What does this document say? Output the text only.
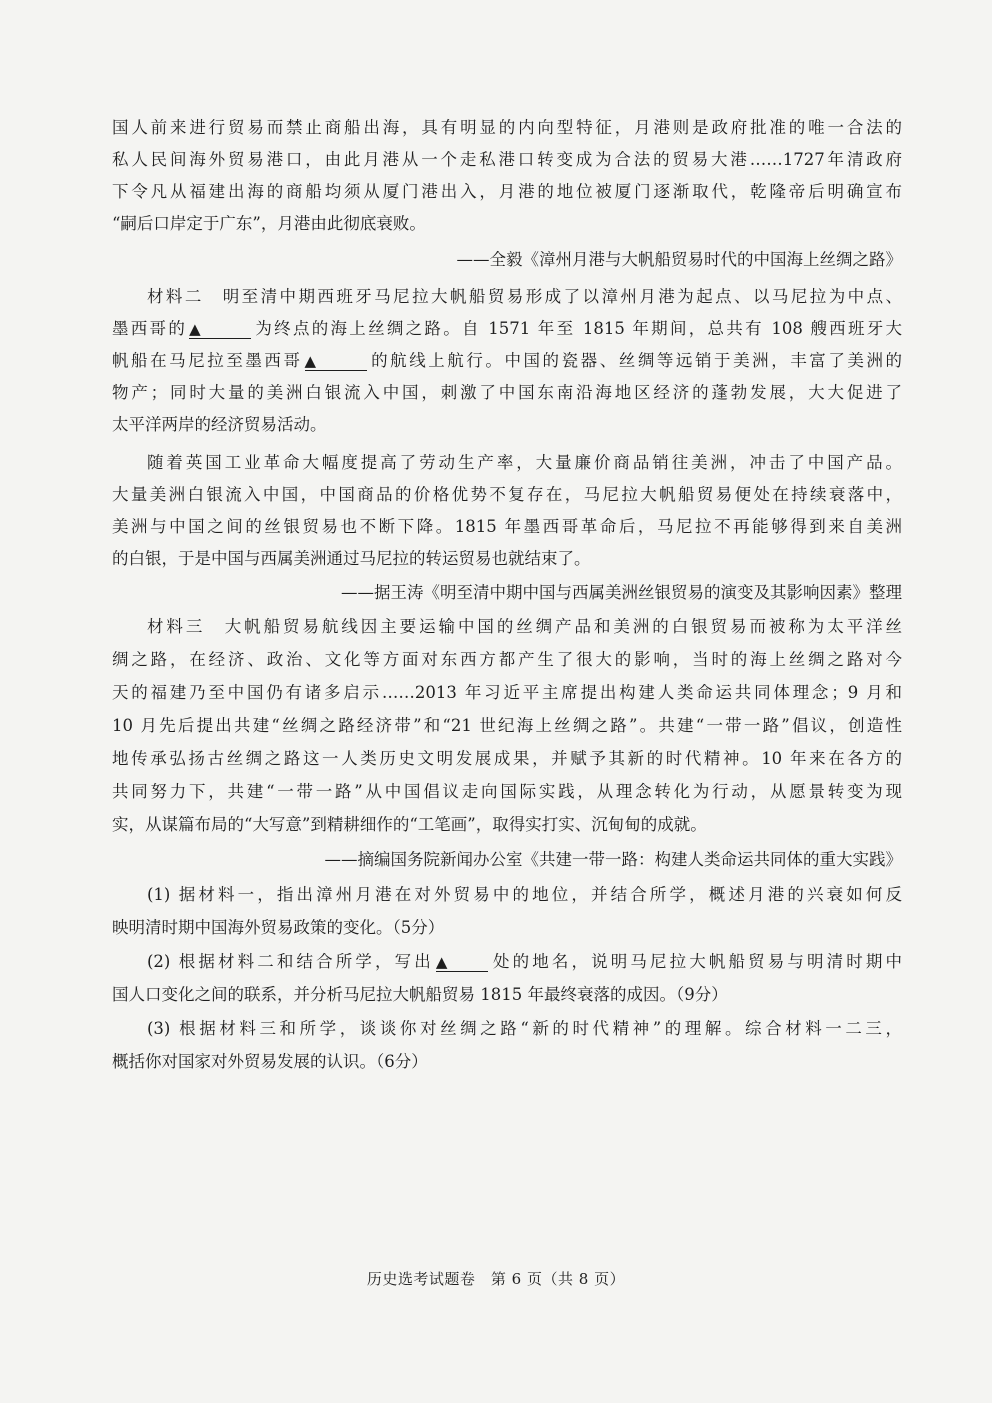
国人前来进行贸易而禁止商船出海，具有明显的内向型特征，月港则是政府批准的唯一合法的
私人民间海外贸易港口，由此月港从一个走私港口转变成为合法的贸易大港……1727年清政府
下令凡从福建出海的商船均须从厦门港出入，月港的地位被厦门逐渐取代，乾隆帝后明确宣布
“嗣后口岸定于广东”，月港由此彻底衰败。
——全毅《漳州月港与大帆船贸易时代的中国海上丝绸之路》
材料二　明至清中期西班牙马尼拉大帆船贸易形成了以漳州月港为起点、以马尼拉为中点、
墨西哥的 ▲	为终点的海上丝绸之路。自 1571 年至 1815 年期间，总共有 108 艘西班牙大
帆船在马尼拉至墨西哥 ▲	的航线上航行。中国的瓷器、丝绸等远销于美洲，丰富了美洲的
物产；同时大量的美洲白银流入中国，刺激了中国东南沿海地区经济的蓬勃发展，大大促进了
太平洋两岸的经济贸易活动。
随着英国工业革命大幅度提高了劳动生产率，大量廉价商品销往美洲，冲击了中国产品。
大量美洲白银流入中国，中国商品的价格优势不复存在，马尼拉大帆船贸易便处在持续衰落中，
美洲与中国之间的丝银贸易也不断下降。1815 年墨西哥革命后，马尼拉不再能够得到来自美洲
的白银，于是中国与西属美洲通过马尼拉的转运贸易也就结束了。
——据王涛《明至清中期中国与西属美洲丝银贸易的演变及其影响因素》整理
材料三　大帆船贸易航线因主要运输中国的丝绸产品和美洲的白银贸易而被称为太平洋丝
绸之路，在经济、政治、文化等方面对东西方都产生了很大的影响，当时的海上丝绸之路对今
天的福建乃至中国仍有诸多启示……2013 年习近平主席提出构建人类命运共同体理念；9 月和
10 月先后提出共建“丝绸之路经济带”和“21 世纪海上丝绸之路”。共建“一带一路”倡议，创造性
地传承弘扬古丝绸之路这一人类历史文明发展成果，并赋予其新的时代精神。10 年来在各方的
共同努力下，共建“一带一路”从中国倡议走向国际实践，从理念转化为行动，从愿景转变为现
实，从谋篇布局的“大写意”到精耕细作的“工笔画”，取得实打实、沉甸甸的成就。
——摘编国务院新闻办公室《共建一带一路：构建人类命运共同体的重大实践》
(1) 据材料一，指出漳州月港在对外贸易中的地位，并结合所学，概述月港的兴衰如何反
映明清时期中国海外贸易政策的变化。（5分）
(2) 根据材料二和结合所学，写出 ▲	处的地名，说明马尼拉大帆船贸易与明清时期中
国人口变化之间的联系，并分析马尼拉大帆船贸易 1815 年最终衰落的成因。（9分）
(3) 根据材料三和所学，谈谈你对丝绸之路“新的时代精神”的理解。综合材料一二三，
概括你对国家对外贸易发展的认识。（6分）
历史选考试题卷　第 6 页（共 8 页）
